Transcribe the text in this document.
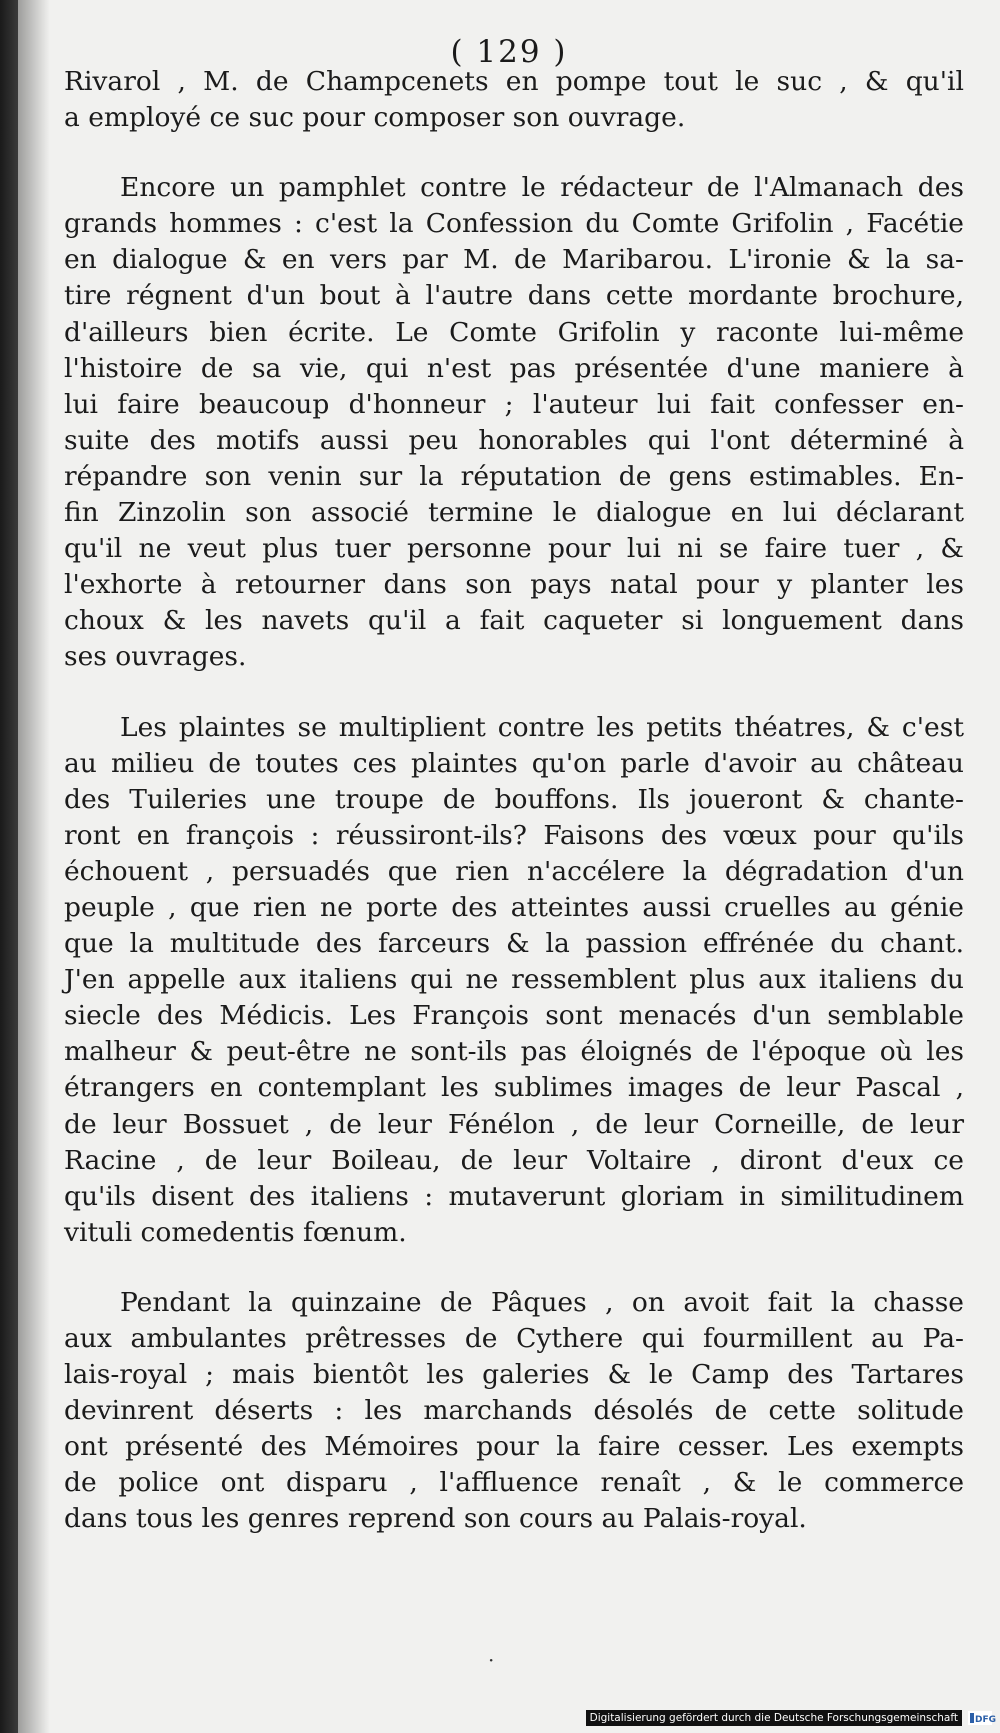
( 129 )
Rivarol , M. de Champcenets en pompe tout le suc , & qu'il
a employé ce suc pour composer son ouvrage.
Encore un pamphlet contre le rédacteur de l'Almanach des
grands hommes : c'est la Confession du Comte Grifolin , Facétie
en dialogue & en vers par M. de Maribarou. L'ironie & la sa-
tire régnent d'un bout à l'autre dans cette mordante brochure,
d'ailleurs bien écrite. Le Comte Grifolin y raconte lui-même
l'histoire de sa vie, qui n'est pas présentée d'une maniere à
lui faire beaucoup d'honneur ; l'auteur lui fait confesser en-
suite des motifs aussi peu honorables qui l'ont déterminé à
répandre son venin sur la réputation de gens estimables. En-
fin Zinzolin son associé termine le dialogue en lui déclarant
qu'il ne veut plus tuer personne pour lui ni se faire tuer , &
l'exhorte à retourner dans son pays natal pour y planter les
choux & les navets qu'il a fait caqueter si longuement dans
ses ouvrages.
Les plaintes se multiplient contre les petits théatres, & c'est
au milieu de toutes ces plaintes qu'on parle d'avoir au château
des Tuileries une troupe de bouffons. Ils joueront & chante-
ront en françois : réussiront-ils? Faisons des vœux pour qu'ils
échouent , persuadés que rien n'accélere la dégradation d'un
peuple , que rien ne porte des atteintes aussi cruelles au génie
que la multitude des farceurs & la passion effrénée du chant.
J'en appelle aux italiens qui ne ressemblent plus aux italiens du
siecle des Médicis. Les François sont menacés d'un semblable
malheur & peut-être ne sont-ils pas éloignés de l'époque où les
étrangers en contemplant les sublimes images de leur Pascal ,
de leur Bossuet , de leur Fénélon , de leur Corneille, de leur
Racine , de leur Boileau, de leur Voltaire , diront d'eux ce
qu'ils disent des italiens : mutaverunt gloriam in similitudinem
vituli comedentis fœnum.
Pendant la quinzaine de Pâques , on avoit fait la chasse
aux ambulantes prêtresses de Cythere qui fourmillent au Pa-
lais-royal ; mais bientôt les galeries & le Camp des Tartares
devinrent déserts : les marchands désolés de cette solitude
ont présenté des Mémoires pour la faire cesser. Les exempts
de police ont disparu , l'affluence renaît , & le commerce
dans tous les genres reprend son cours au Palais-royal.
·
Digitalisierung gefördert durch die Deutsche Forschungsgemeinschaft	DFG
